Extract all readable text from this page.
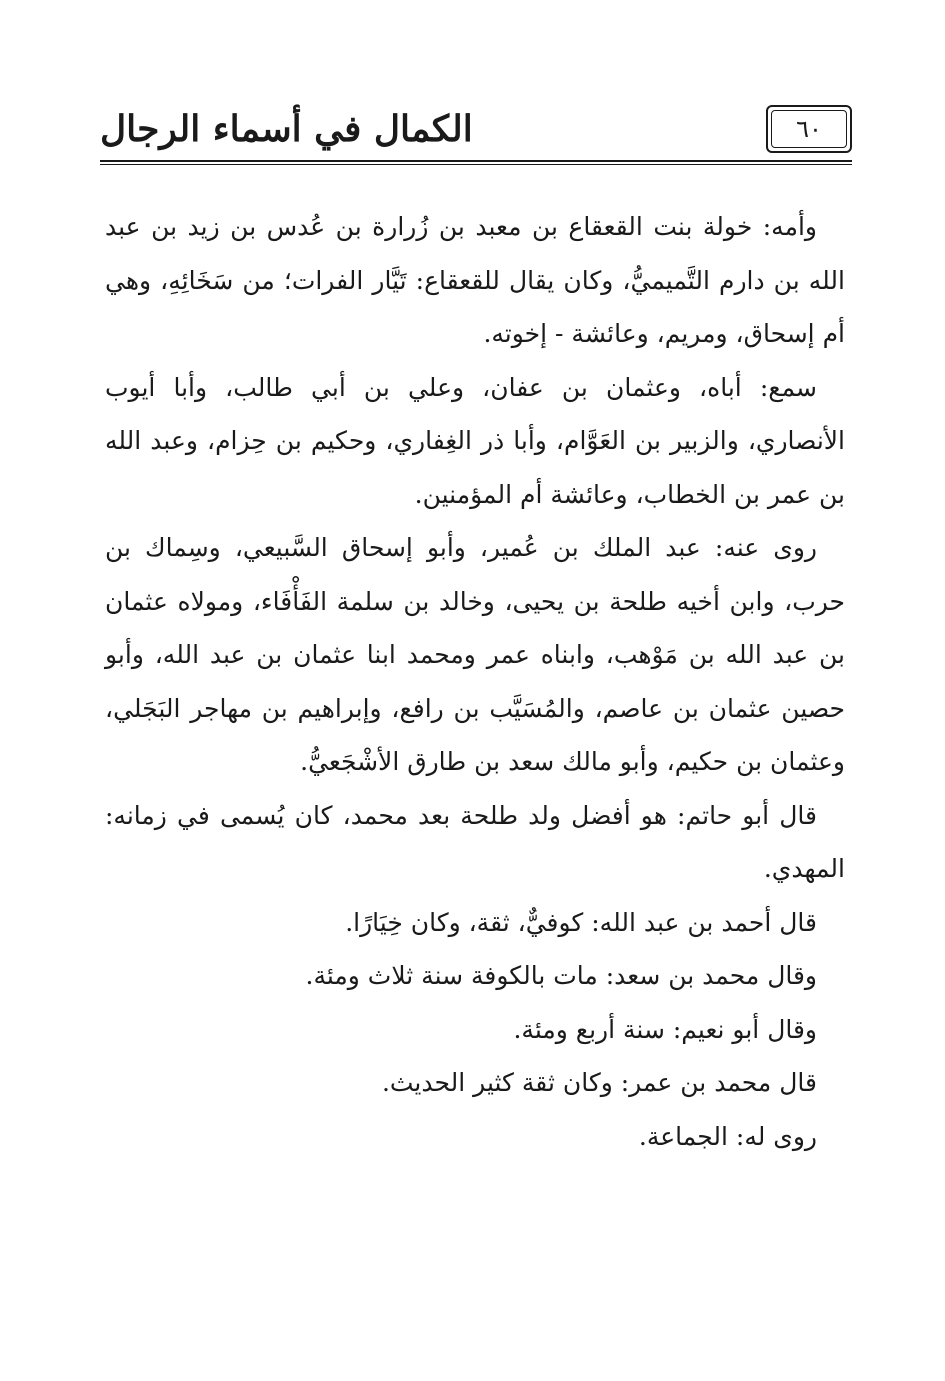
الكمال في أسماء الرجال	٦٠

وأمه: خولة بنت القعقاع بن معبد بن زُرارة بن عُدس بن زيد بن عبد الله بن دارم التَّميميُّ، وكان يقال للقعقاع: تَيَّار الفرات؛ من سَخَائِهِ، وهي أم إسحاق، ومريم، وعائشة - إخوته.

سمع: أباه، وعثمان بن عفان، وعلي بن أبي طالب، وأبا أيوب الأنصاري، والزبير بن العَوَّام، وأبا ذر الغِفاري، وحكيم بن حِزام، وعبد الله بن عمر بن الخطاب، وعائشة أم المؤمنين.

روى عنه: عبد الملك بن عُمير، وأبو إسحاق السَّبيعي، وسِماك بن حرب، وابن أخيه طلحة بن يحيى، وخالد بن سلمة الفَأْفَاء، ومولاه عثمان بن عبد الله بن مَوْهب، وابناه عمر ومحمد ابنا عثمان بن عبد الله، وأبو حصين عثمان بن عاصم، والمُسَيَّب بن رافع، وإبراهيم بن مهاجر البَجَلي، وعثمان بن حكيم، وأبو مالك سعد بن طارق الأشْجَعيُّ.

قال أبو حاتم: هو أفضل ولد طلحة بعد محمد، كان يُسمى في زمانه: المهدي.

قال أحمد بن عبد الله: كوفيٌّ، ثقة، وكان خِيَارًا.

وقال محمد بن سعد: مات بالكوفة سنة ثلاث ومئة.

وقال أبو نعيم: سنة أربع ومئة.

قال محمد بن عمر: وكان ثقة كثير الحديث.

روى له: الجماعة.
